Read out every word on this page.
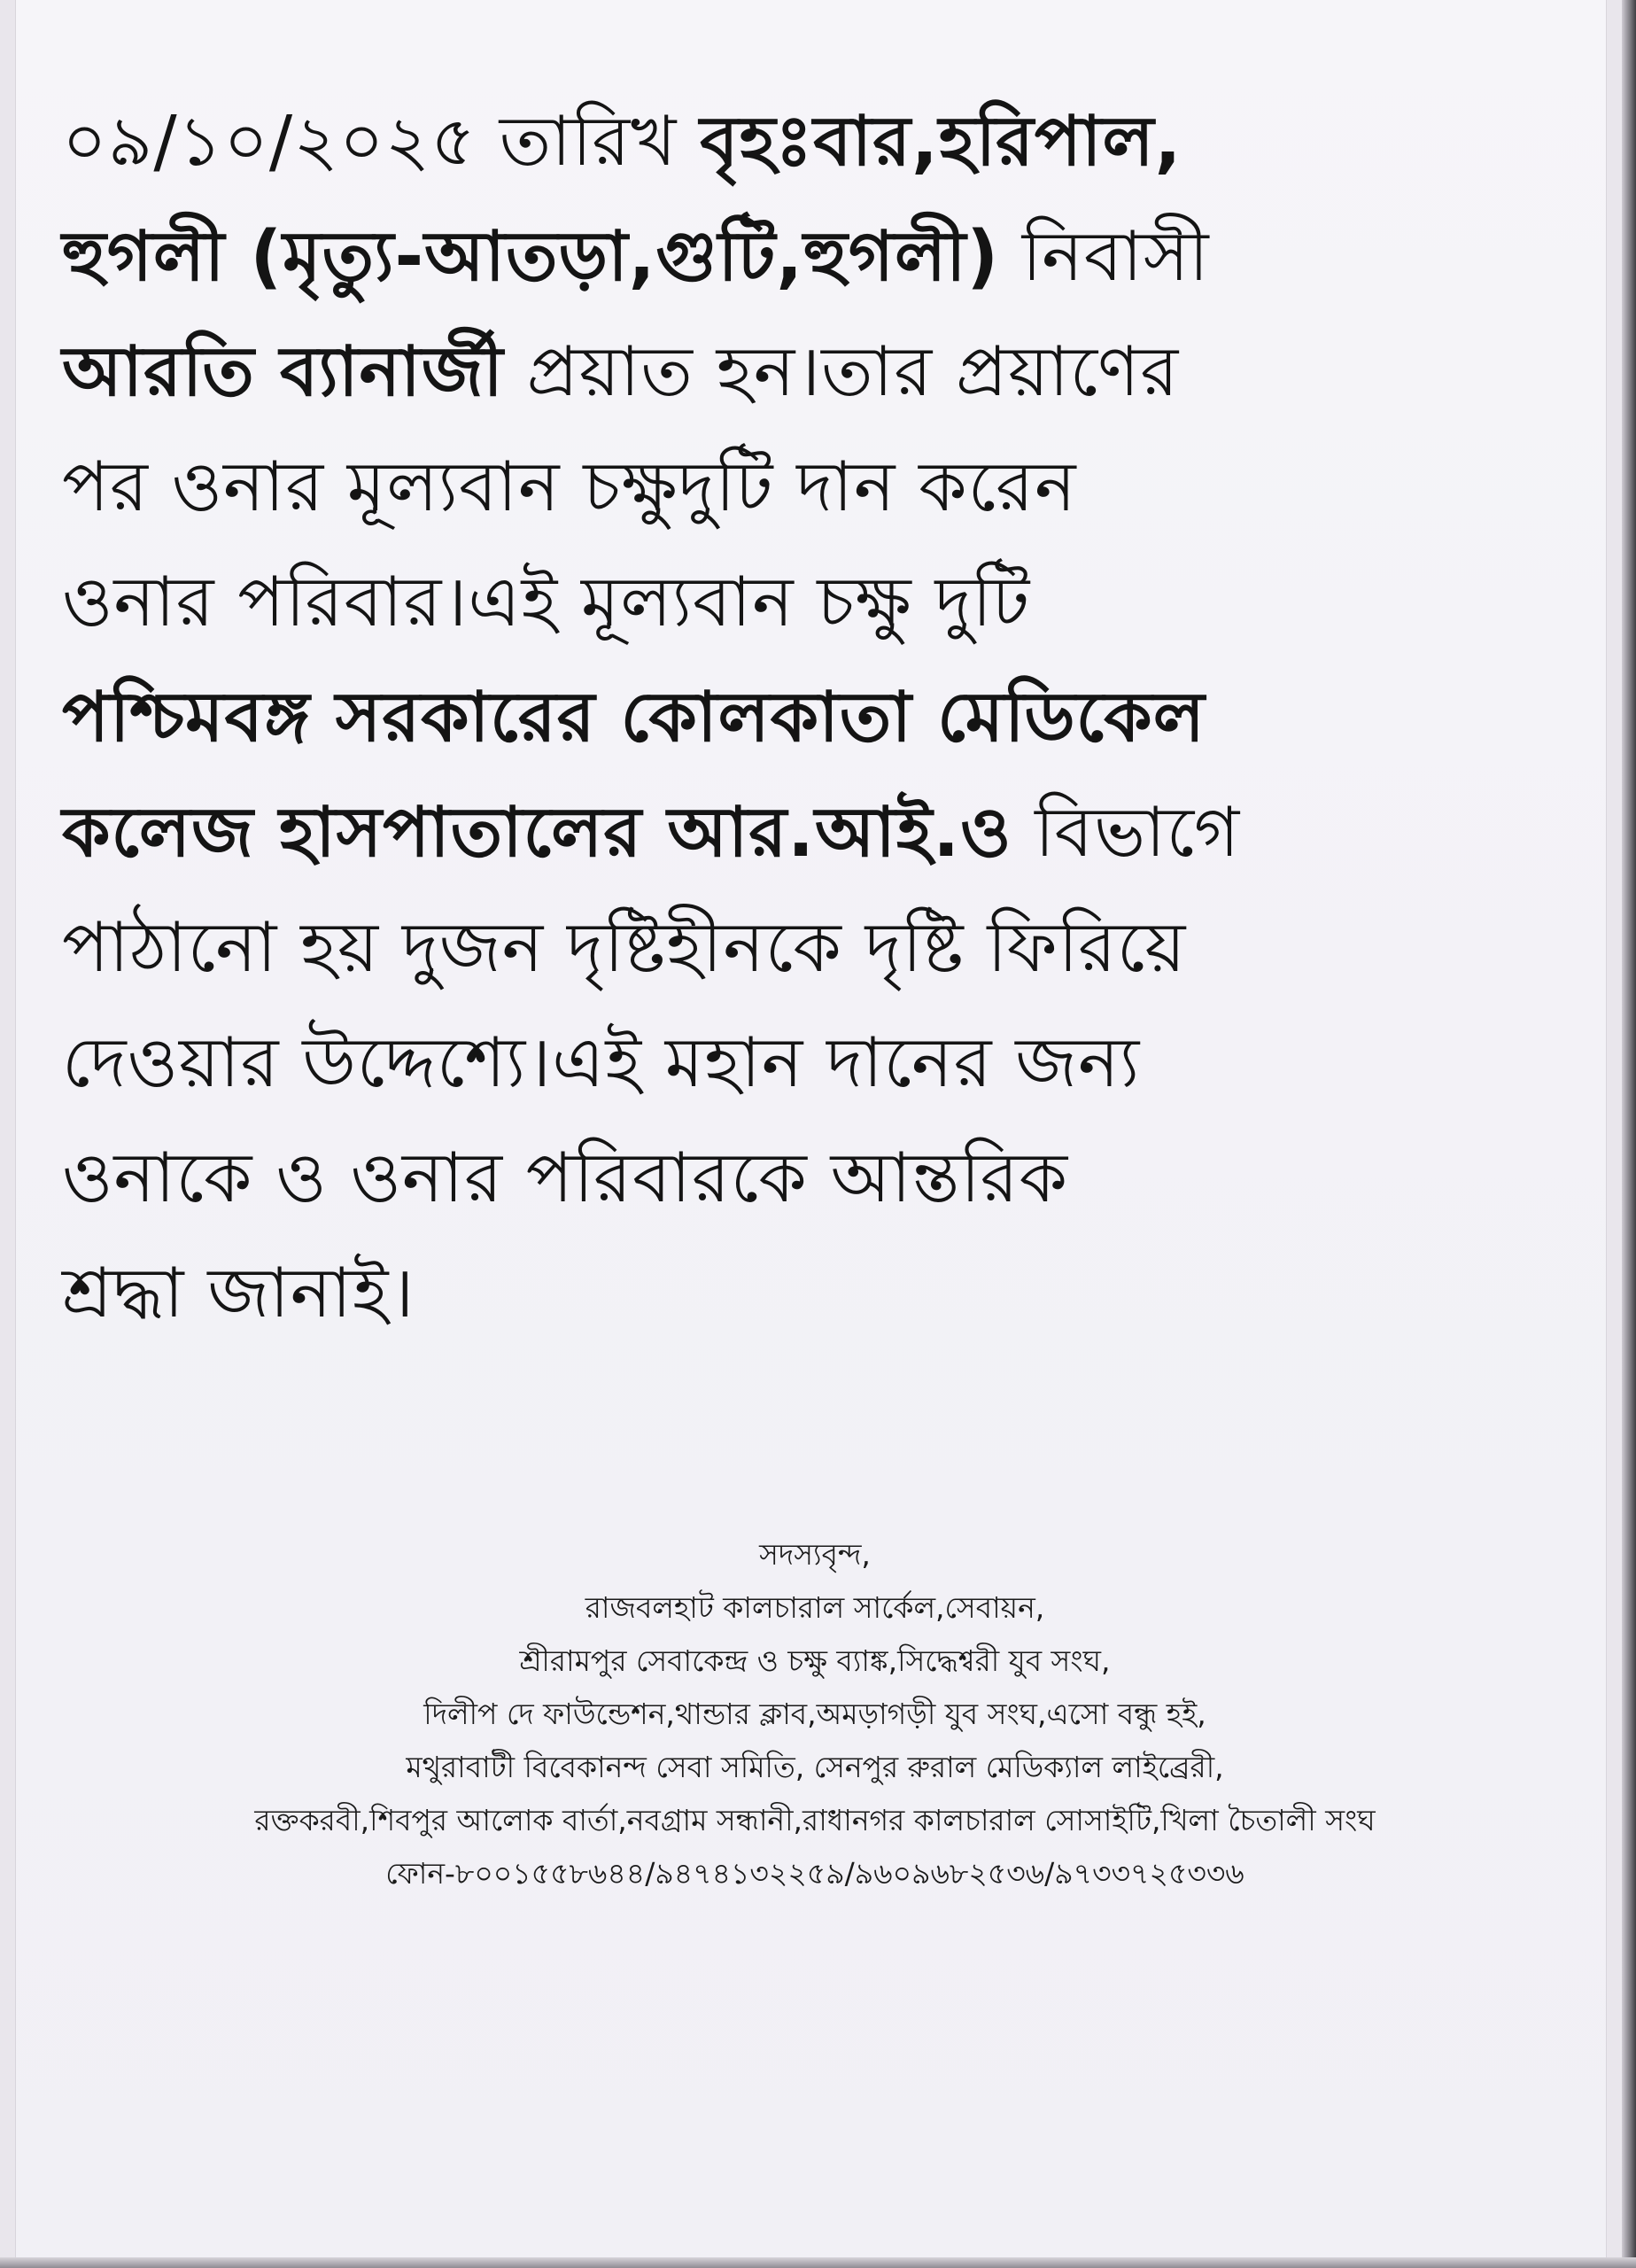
০৯/১০/২০২৫ তারিখ বৃহঃবার,হরিপাল,
হুগলী (মৃত্যু-আতড়া,গুটি,হুগলী) নিবাসী
আরতি ব্যানার্জী প্রয়াত হন।তার প্রয়াণের
পর ওনার মূল্যবান চক্ষুদুটি দান করেন
ওনার পরিবার।এই মূল্যবান চক্ষু দুটি
পশ্চিমবঙ্গ সরকারের কোলকাতা মেডিকেল
কলেজ হাসপাতালের আর.আই.ও বিভাগে
পাঠানো হয় দুজন দৃষ্টিহীনকে দৃষ্টি ফিরিয়ে
দেওয়ার উদ্দেশ্যে।এই মহান দানের জন্য
ওনাকে ও ওনার পরিবারকে আন্তরিক
শ্রদ্ধা জানাই।
সদস্যবৃন্দ,
রাজবলহাট কালচারাল সার্কেল,সেবায়ন,
শ্রীরামপুর সেবাকেন্দ্র ও চক্ষু ব্যাঙ্ক,সিদ্ধেশ্বরী যুব সংঘ,
দিলীপ দে ফাউন্ডেশন,থান্ডার ক্লাব,অমড়াগড়ী যুব সংঘ,এসো বন্ধু হই,
মথুরাবাটী বিবেকানন্দ সেবা সমিতি, সেনপুর রুরাল মেডিক্যাল লাইব্রেরী,
রক্তকরবী,শিবপুর আলোক বার্তা,নবগ্রাম সন্ধানী,রাধানগর কালচারাল সোসাইটি,খিলা চৈতালী সংঘ
ফোন-৮০০১৫৫৮৬৪৪/৯৪৭৪১৩২২৫৯/৯৬০৯৬৮২৫৩৬/৯৭৩৩৭২৫৩৩৬
